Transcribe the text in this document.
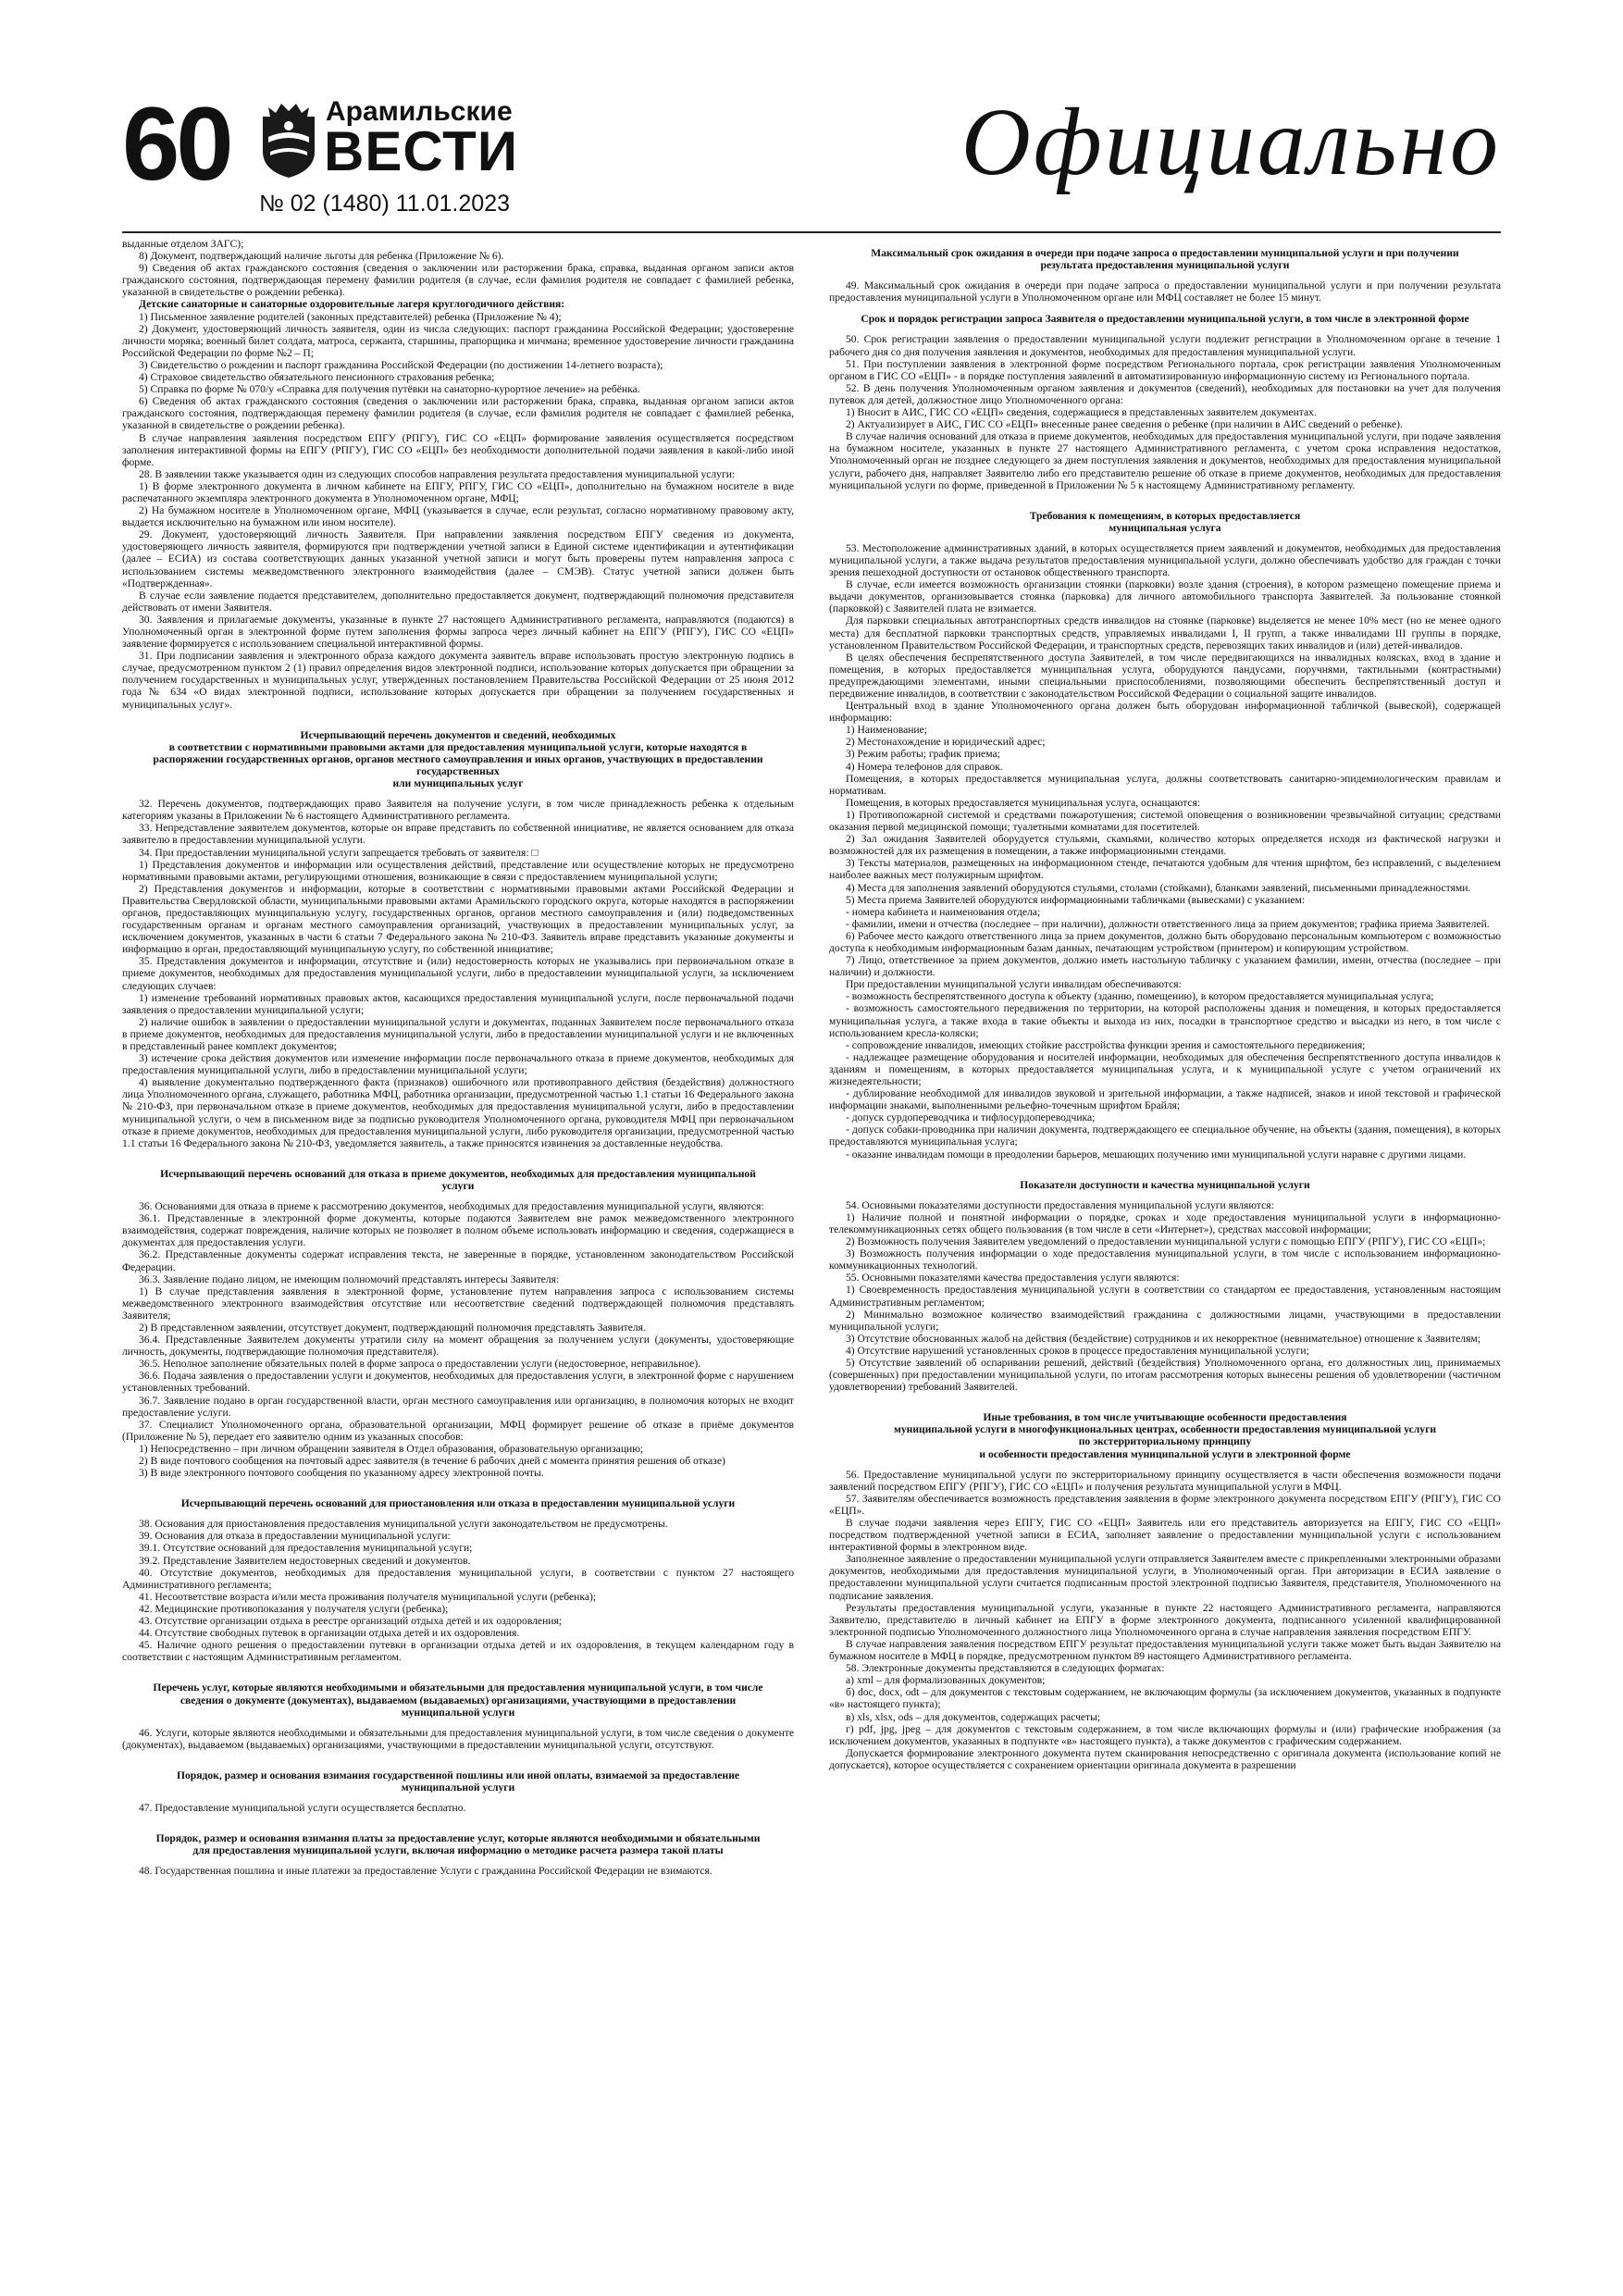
60	Арамильские
ВЕСТИ
№ 02 (1480) 11.01.2023
Официально

выданные отделом ЗАГС);

8) Документ, подтверждающий наличие льготы для ребенка (Приложение № 6).

9) Сведения об актах гражданского состояния (сведения о заключении или расторжении брака, справка, выданная органом записи актов гражданского состояния, подтверждающая перемену фамилии родителя (в случае, если фамилия родителя не совпадает с фамилией ребенка, указанной в свидетельстве о рождении ребенка).

Детские санаторные и санаторные оздоровительные лагеря круглогодичного действия:

1) Письменное заявление родителей (законных представителей) ребенка (Приложение № 4);

2) Документ, удостоверяющий личность заявителя, один из числа следующих: паспорт гражданина Российской Федерации; удостоверение личности моряка; военный билет солдата, матроса, сержанта, старшины, прапорщика и мичмана; временное удостоверение личности гражданина Российской Федерации по форме №2 – П;

3) Свидетельство о рождении и паспорт гражданина Российской Федерации (по достижении 14-летнего возраста);

4) Страховое свидетельство обязательного пенсионного страхования ребенка;

5) Справка по форме № 070/у «Справка для получения путёвки на санаторно-курортное лечение» на ребёнка.

6) Сведения об актах гражданского состояния (сведения о заключении или расторжении брака, справка, выданная органом записи актов гражданского состояния, подтверждающая перемену фамилии родителя (в случае, если фамилия родителя не совпадает с фамилией ребенка, указанной в свидетельстве о рождении ребенка).

В случае направления заявления посредством ЕПГУ (РПГУ), ГИС СО «ЕЦП» формирование заявления осуществляется посредством заполнения интерактивной формы на ЕПГУ (РПГУ), ГИС СО «ЕЦП» без необходимости дополнительной подачи заявления в какой-либо иной форме.

28. В заявлении также указывается один из следующих способов направления результата предоставления муниципальной услуги:

1) В форме электронного документа в личном кабинете на ЕПГУ, РПГУ, ГИС СО «ЕЦП», дополнительно на бумажном носителе в виде распечатанного экземпляра электронного документа в Уполномоченном органе, МФЦ;

2) На бумажном носителе в Уполномоченном органе, МФЦ (указывается в случае, если результат, согласно нормативному правовому акту, выдается исключительно на бумажном или ином носителе).

29. Документ, удостоверяющий личность Заявителя. При направлении заявления посредством ЕПГУ сведения из документа, удостоверяющего личность заявителя, формируются при подтверждении учетной записи в Единой системе идентификации и аутентификации (далее – ЕСИА) из состава соответствующих данных указанной учетной записи и могут быть проверены путем направления запроса с использованием системы межведомственного электронного взаимодействия (далее – СМЭВ). Статус учетной записи должен быть «Подтвержденная».

В случае если заявление подается представителем, дополнительно предоставляется документ, подтверждающий полномочия представителя действовать от имени Заявителя.

30. Заявления и прилагаемые документы, указанные в пункте 27 настоящего Административного регламента, направляются (подаются) в Уполномоченный орган в электронной форме путем заполнения формы запроса через личный кабинет на ЕПГУ (РПГУ), ГИС СО «ЕЦП» заявление формируется с использованием специальной интерактивной формы.

31. При подписании заявления и электронного образа каждого документа заявитель вправе использовать простую электронную подпись в случае, предусмотренном пунктом 2 (1) правил определения видов электронной подписи, использование которых допускается при обращении за получением государственных и муниципальных услуг, утвержденных постановлением Правительства Российской Федерации от 25 июня 2012 года № 634 «О видах электронной подписи, использование которых допускается при обращении за получением государственных и муниципальных услуг».

Исчерпывающий перечень документов и сведений, необходимых
в соответствии с нормативными правовыми актами для предоставления муниципальной услуги, которые находятся в распоряжении государственных органов, органов местного самоуправления и иных органов, участвующих в предоставлении государственных
или муниципальных услуг

32. Перечень документов, подтверждающих право Заявителя на получение услуги, в том числе принадлежность ребенка к отдельным категориям указаны в Приложении № 6 настоящего Административного регламента.

33. Непредставление заявителем документов, которые он вправе представить по собственной инициативе, не является основанием для отказа заявителю в предоставлении муниципальной услуги.

34. При предоставлении муниципальной услуги запрещается требовать от заявителя: □

1) Представления документов и информации или осуществления действий, представление или осуществление которых не предусмотрено нормативными правовыми актами, регулирующими отношения, возникающие в связи с предоставлением муниципальной услуги;

2) Представления документов и информации, которые в соответствии с нормативными правовыми актами Российской Федерации и Правительства Свердловской области, муниципальными правовыми актами Арамильского городского округа, которые находятся в распоряжении органов, предоставляющих муниципальную услугу, государственных органов, органов местного самоуправления и (или) подведомственных государственным органам и органам местного самоуправления организаций, участвующих в предоставлении муниципальных услуг, за исключением документов, указанных в части 6 статьи 7 Федерального закона № 210-ФЗ. Заявитель вправе представить указанные документы и информацию в орган, предоставляющий муниципальную услугу, по собственной инициативе;

35. Представления документов и информации, отсутствие и (или) недостоверность которых не указывались при первоначальном отказе в приеме документов, необходимых для предоставления муниципальной услуги, либо в предоставлении муниципальной услуги, за исключением следующих случаев:

1) изменение требований нормативных правовых актов, касающихся предоставления муниципальной услуги, после первоначальной подачи заявления о предоставлении муниципальной услуги;

2) наличие ошибок в заявлении о предоставлении муниципальной услуги и документах, поданных Заявителем после первоначального отказа в приеме документов, необходимых для предоставления муниципальной услуги, либо в предоставлении муниципальной услуги и не включенных в представленный ранее комплект документов;

3) истечение срока действия документов или изменение информации после первоначального отказа в приеме документов, необходимых для предоставления муниципальной услуги, либо в предоставлении муниципальной услуги;

4) выявление документально подтвержденного факта (признаков) ошибочного или противоправного действия (бездействия) должностного лица Уполномоченного органа, служащего, работника МФЦ, работника организации, предусмотренной частью 1.1 статьи 16 Федерального закона № 210-ФЗ, при первоначальном отказе в приеме документов, необходимых для предоставления муниципальной услуги, либо в предоставлении муниципальной услуги, о чем в письменном виде за подписью руководителя Уполномоченного органа, руководителя МФЦ при первоначальном отказе в приеме документов, необходимых для предоставления муниципальной услуги, либо руководителя организации, предусмотренной частью 1.1 статьи 16 Федерального закона № 210-ФЗ, уведомляется заявитель, а также приносятся извинения за доставленные неудобства.

Исчерпывающий перечень оснований для отказа в приеме документов, необходимых для предоставления муниципальной услуги

36. Основаниями для отказа в приеме к рассмотрению документов, необходимых для предоставления муниципальной услуги, являются:

36.1. Представленные в электронной форме документы, которые подаются Заявителем вне рамок межведомственного электронного взаимодействия, содержат повреждения, наличие которых не позволяет в полном объеме использовать информацию и сведения, содержащиеся в документах для предоставления услуги.

36.2. Представленные документы содержат исправления текста, не заверенные в порядке, установленном законодательством Российской Федерации.

36.3. Заявление подано лицом, не имеющим полномочий представлять интересы Заявителя:

1) В случае представления заявления в электронной форме, установление путем направления запроса с использованием системы межведомственного электронного взаимодействия отсутствие или несоответствие сведений подтверждающей полномочия представлять Заявителя;

2) В представленном заявлении, отсутствует документ, подтверждающий полномочия представлять Заявителя.

36.4. Представленные Заявителем документы утратили силу на момент обращения за получением услуги (документы, удостоверяющие личность, документы, подтверждающие полномочия представителя).

36.5. Неполное заполнение обязательных полей в форме запроса о предоставлении услуги (недостоверное, неправильное).

36.6. Подача заявления о предоставлении услуги и документов, необходимых для предоставления услуги, в электронной форме с нарушением установленных требований.

36.7. Заявление подано в орган государственной власти, орган местного самоуправления или организацию, в полномочия которых не входит предоставление услуги.

37. Специалист Уполномоченного органа, образовательной организации, МФЦ формирует решение об отказе в приёме документов (Приложение № 5), передает его заявителю одним из указанных способов:

1) Непосредственно – при личном обращении заявителя в Отдел образования, образовательную организацию;

2) В виде почтового сообщения на почтовый адрес заявителя (в течение 6 рабочих дней с момента принятия решения об отказе)

3) В виде электронного почтового сообщения по указанному адресу электронной почты.

Исчерпывающий перечень оснований для приостановления или отказа в предоставлении муниципальной услуги

38. Основания для приостановления предоставления муниципальной услуги законодательством не предусмотрены.

39. Основания для отказа в предоставлении муниципальной услуги:

39.1. Отсутствие оснований для предоставления муниципальной услуги;

39.2. Представление Заявителем недостоверных сведений и документов.

40. Отсутствие документов, необходимых для предоставления муниципальной услуги, в соответствии с пунктом 27 настоящего Административного регламента;

41. Несоответствие возраста и/или места проживания получателя муниципальной услуги (ребенка);

42. Медицинские противопоказания у получателя услуги (ребенка);

43. Отсутствие организации отдыха в реестре организаций отдыха детей и их оздоровления;

44. Отсутствие свободных путевок в организации отдыха детей и их оздоровления.

45. Наличие одного решения о предоставлении путевки в организации отдыха детей и их оздоровления, в текущем календарном году в соответствии с настоящим Административным регламентом.

Перечень услуг, которые являются необходимыми и обязательными для предоставления муниципальной услуги, в том числе сведения о документе (документах), выдаваемом (выдаваемых) организациями, участвующими в предоставлении муниципальной услуги

46. Услуги, которые являются необходимыми и обязательными для предоставления муниципальной услуги, в том числе сведения о документе (документах), выдаваемом (выдаваемых) организациями, участвующими в предоставлении муниципальной услуги, отсутствуют.

Порядок, размер и основания взимания государственной пошлины или иной оплаты, взимаемой за предоставление муниципальной услуги

47. Предоставление муниципальной услуги осуществляется бесплатно.

Порядок, размер и основания взимания платы за предоставление услуг, которые являются необходимыми и обязательными для предоставления муниципальной услуги, включая информацию о методике расчета размера такой платы

48. Государственная пошлина и иные платежи за предоставление Услуги с гражданина Российской Федерации не взимаются.

Максимальный срок ожидания в очереди при подаче запроса о предоставлении муниципальной услуги и при получении результата предоставления муниципальной услуги

49. Максимальный срок ожидания в очереди при подаче запроса о предоставлении муниципальной услуги и при получении результата предоставления муниципальной услуги в Уполномоченном органе или МФЦ составляет не более 15 минут.

Срок и порядок регистрации запроса Заявителя о предоставлении муниципальной услуги, в том числе в электронной форме

50. Срок регистрации заявления о предоставлении муниципальной услуги подлежит регистрации в Уполномоченном органе в течение 1 рабочего дня со дня получения заявления и документов, необходимых для предоставления муниципальной услуги.

51. При поступлении заявления в электронной форме посредством Регионального портала, срок регистрации заявления Уполномоченным органом в ГИС СО «ЕЦП» - в порядке поступления заявлений в автоматизированную информационную систему из Регионального портала.

52. В день получения Уполномоченным органом заявления и документов (сведений), необходимых для постановки на учет для получения путевок для детей, должностное лицо Уполномоченного органа:

1) Вносит в АИС, ГИС СО «ЕЦП» сведения, содержащиеся в представленных заявителем документах.

2) Актуализирует в АИС, ГИС СО «ЕЦП» внесенные ранее сведения о ребенке (при наличии в АИС сведений о ребенке).

В случае наличия оснований для отказа в приеме документов, необходимых для предоставления муниципальной услуги, при подаче заявления на бумажном носителе, указанных в пункте 27 настоящего Административного регламента, с учетом срока исправления недостатков, Уполномоченный орган не позднее следующего за днем поступления заявления и документов, необходимых для предоставления муниципальной услуги, рабочего дня, направляет Заявителю либо его представителю решение об отказе в приеме документов, необходимых для предоставления муниципальной услуги по форме, приведенной в Приложении № 5 к настоящему Административному регламенту.

Требования к помещениям, в которых предоставляется
муниципальная услуга

53. Местоположение административных зданий, в которых осуществляется прием заявлений и документов, необходимых для предоставления муниципальной услуги, а также выдача результатов предоставления муниципальной услуги, должно обеспечивать удобство для граждан с точки зрения пешеходной доступности от остановок общественного транспорта.

В случае, если имеется возможность организации стоянки (парковки) возле здания (строения), в котором размещено помещение приема и выдачи документов, организовывается стоянка (парковка) для личного автомобильного транспорта Заявителей. За пользование стоянкой (парковкой) с Заявителей плата не взимается.

Для парковки специальных автотранспортных средств инвалидов на стоянке (парковке) выделяется не менее 10% мест (но не менее одного места) для бесплатной парковки транспортных средств, управляемых инвалидами I, II групп, а также инвалидами III группы в порядке, установленном Правительством Российской Федерации, и транспортных средств, перевозящих таких инвалидов и (или) детей-инвалидов.

В целях обеспечения беспрепятственного доступа Заявителей, в том числе передвигающихся на инвалидных колясках, вход в здание и помещения, в которых предоставляется муниципальная услуга, оборудуются пандусами, поручнями, тактильными (контрастными) предупреждающими элементами, иными специальными приспособлениями, позволяющими обеспечить беспрепятственный доступ и передвижение инвалидов, в соответствии с законодательством Российской Федерации о социальной защите инвалидов.

Центральный вход в здание Уполномоченного органа должен быть оборудован информационной табличкой (вывеской), содержащей информацию:

1) Наименование;

2) Местонахождение и юридический адрес;

3) Режим работы; график приема;

4) Номера телефонов для справок.

Помещения, в которых предоставляется муниципальная услуга, должны соответствовать санитарно-эпидемиологическим правилам и нормативам.

Помещения, в которых предоставляется муниципальная услуга, оснащаются:

1) Противопожарной системой и средствами пожаротушения; системой оповещения о возникновении чрезвычайной ситуации; средствами оказания первой медицинской помощи; туалетными комнатами для посетителей.

2) Зал ожидания Заявителей оборудуется стульями, скамьями, количество которых определяется исходя из фактической нагрузки и возможностей для их размещения в помещении, а также информационными стендами.

3) Тексты материалов, размещенных на информационном стенде, печатаются удобным для чтения шрифтом, без исправлений, с выделением наиболее важных мест полужирным шрифтом.

4) Места для заполнения заявлений оборудуются стульями, столами (стойками), бланками заявлений, письменными принадлежностями.

5) Места приема Заявителей оборудуются информационными табличками (вывесками) с указанием:

- номера кабинета и наименования отдела;

- фамилии, имени и отчества (последнее – при наличии), должности ответственного лица за прием документов; графика приема Заявителей.

6) Рабочее место каждого ответственного лица за прием документов, должно быть оборудовано персональным компьютером с возможностью доступа к необходимым информационным базам данных, печатающим устройством (принтером) и копирующим устройством.

7) Лицо, ответственное за прием документов, должно иметь настольную табличку с указанием фамилии, имени, отчества (последнее – при наличии) и должности.

При предоставлении муниципальной услуги инвалидам обеспечиваются:

- возможность беспрепятственного доступа к объекту (зданию, помещению), в котором предоставляется муниципальная услуга;

- возможность самостоятельного передвижения по территории, на которой расположены здания и помещения, в которых предоставляется муниципальная услуга, а также входа в такие объекты и выхода из них, посадки в транспортное средство и высадки из него, в том числе с использованием кресла-коляски;

- сопровождение инвалидов, имеющих стойкие расстройства функции зрения и самостоятельного передвижения;

- надлежащее размещение оборудования и носителей информации, необходимых для обеспечения беспрепятственного доступа инвалидов к зданиям и помещениям, в которых предоставляется муниципальная услуга, и к муниципальной услуге с учетом ограничений их жизнедеятельности;

- дублирование необходимой для инвалидов звуковой и зрительной информации, а также надписей, знаков и иной текстовой и графической информации знаками, выполненными рельефно-точечным шрифтом Брайля;

- допуск сурдопереводчика и тифлосурдопереводчика;

- допуск собаки-проводника при наличии документа, подтверждающего ее специальное обучение, на объекты (здания, помещения), в которых предоставляются муниципальная услуга;

- оказание инвалидам помощи в преодолении барьеров, мешающих получению ими муниципальной услуги наравне с другими лицами.

Показатели доступности и качества муниципальной услуги

54. Основными показателями доступности предоставления муниципальной услуги являются:

1) Наличие полной и понятной информации о порядке, сроках и ходе предоставления муниципальной услуги в информационно-телекоммуникационных сетях общего пользования (в том числе в сети «Интернет»), средствах массовой информации;

2) Возможность получения Заявителем уведомлений о предоставлении муниципальной услуги с помощью ЕПГУ (РПГУ), ГИС СО «ЕЦП»;

3) Возможность получения информации о ходе предоставления муниципальной услуги, в том числе с использованием информационно-коммуникационных технологий.

55. Основными показателями качества предоставления услуги являются:

1) Своевременность предоставления муниципальной услуги в соответствии со стандартом ее предоставления, установленным настоящим Административным регламентом;

2) Минимально возможное количество взаимодействий гражданина с должностными лицами, участвующими в предоставлении муниципальной услуги;

3) Отсутствие обоснованных жалоб на действия (бездействие) сотрудников и их некорректное (невнимательное) отношение к Заявителям;

4) Отсутствие нарушений установленных сроков в процессе предоставления муниципальной услуги;

5) Отсутствие заявлений об оспаривании решений, действий (бездействия) Уполномоченного органа, его должностных лиц, принимаемых (совершенных) при предоставлении муниципальной услуги, по итогам рассмотрения которых вынесены решения об удовлетворении (частичном удовлетворении) требований Заявителей.

Иные требования, в том числе учитывающие особенности предоставления
муниципальной услуги в многофункциональных центрах, особенности предоставления муниципальной услуги
по экстерриториальному принципу
и особенности предоставления муниципальной услуги в электронной форме

56. Предоставление муниципальной услуги по экстерриториальному принципу осуществляется в части обеспечения возможности подачи заявлений посредством ЕПГУ (РПГУ), ГИС СО «ЕЦП» и получения результата муниципальной услуги в МФЦ.

57. Заявителям обеспечивается возможность представления заявления в форме электронного документа посредством ЕПГУ (РПГУ), ГИС СО «ЕЦП».

В случае подачи заявления через ЕПГУ, ГИС СО «ЕЦП» Заявитель или его представитель авторизуется на ЕПГУ, ГИС СО «ЕЦП» посредством подтвержденной учетной записи в ЕСИА, заполняет заявление о предоставлении муниципальной услуги с использованием интерактивной формы в электронном виде.

Заполненное заявление о предоставлении муниципальной услуги отправляется Заявителем вместе с прикрепленными электронными образами документов, необходимыми для предоставления муниципальной услуги, в Уполномоченный орган. При авторизации в ЕСИА заявление о предоставлении муниципальной услуги считается подписанным простой электронной подписью Заявителя, представителя, Уполномоченного на подписание заявления.

Результаты предоставления муниципальной услуги, указанные в пункте 22 настоящего Административного регламента, направляются Заявителю, представителю в личный кабинет на ЕПГУ в форме электронного документа, подписанного усиленной квалифицированной электронной подписью Уполномоченного должностного лица Уполномоченного органа в случае направления заявления посредством ЕПГУ.

В случае направления заявления посредством ЕПГУ результат предоставления муниципальной услуги также может быть выдан Заявителю на бумажном носителе в МФЦ в порядке, предусмотренном пунктом 89 настоящего Административного регламента.

58. Электронные документы представляются в следующих форматах:

а) xml – для формализованных документов;

б) doc, docx, odt – для документов с текстовым содержанием, не включающим формулы (за исключением документов, указанных в подпункте «в» настоящего пункта);

в) xls, xlsx, ods – для документов, содержащих расчеты;

г) pdf, jpg, jpeg – для документов с текстовым содержанием, в том числе включающих формулы и (или) графические изображения (за исключением документов, указанных в подпункте «в» настоящего пункта), а также документов с графическим содержанием.

Допускается формирование электронного документа путем сканирования непосредственно с оригинала документа (использование копий не допускается), которое осуществляется с сохранением ориентации оригинала документа в разрешении
